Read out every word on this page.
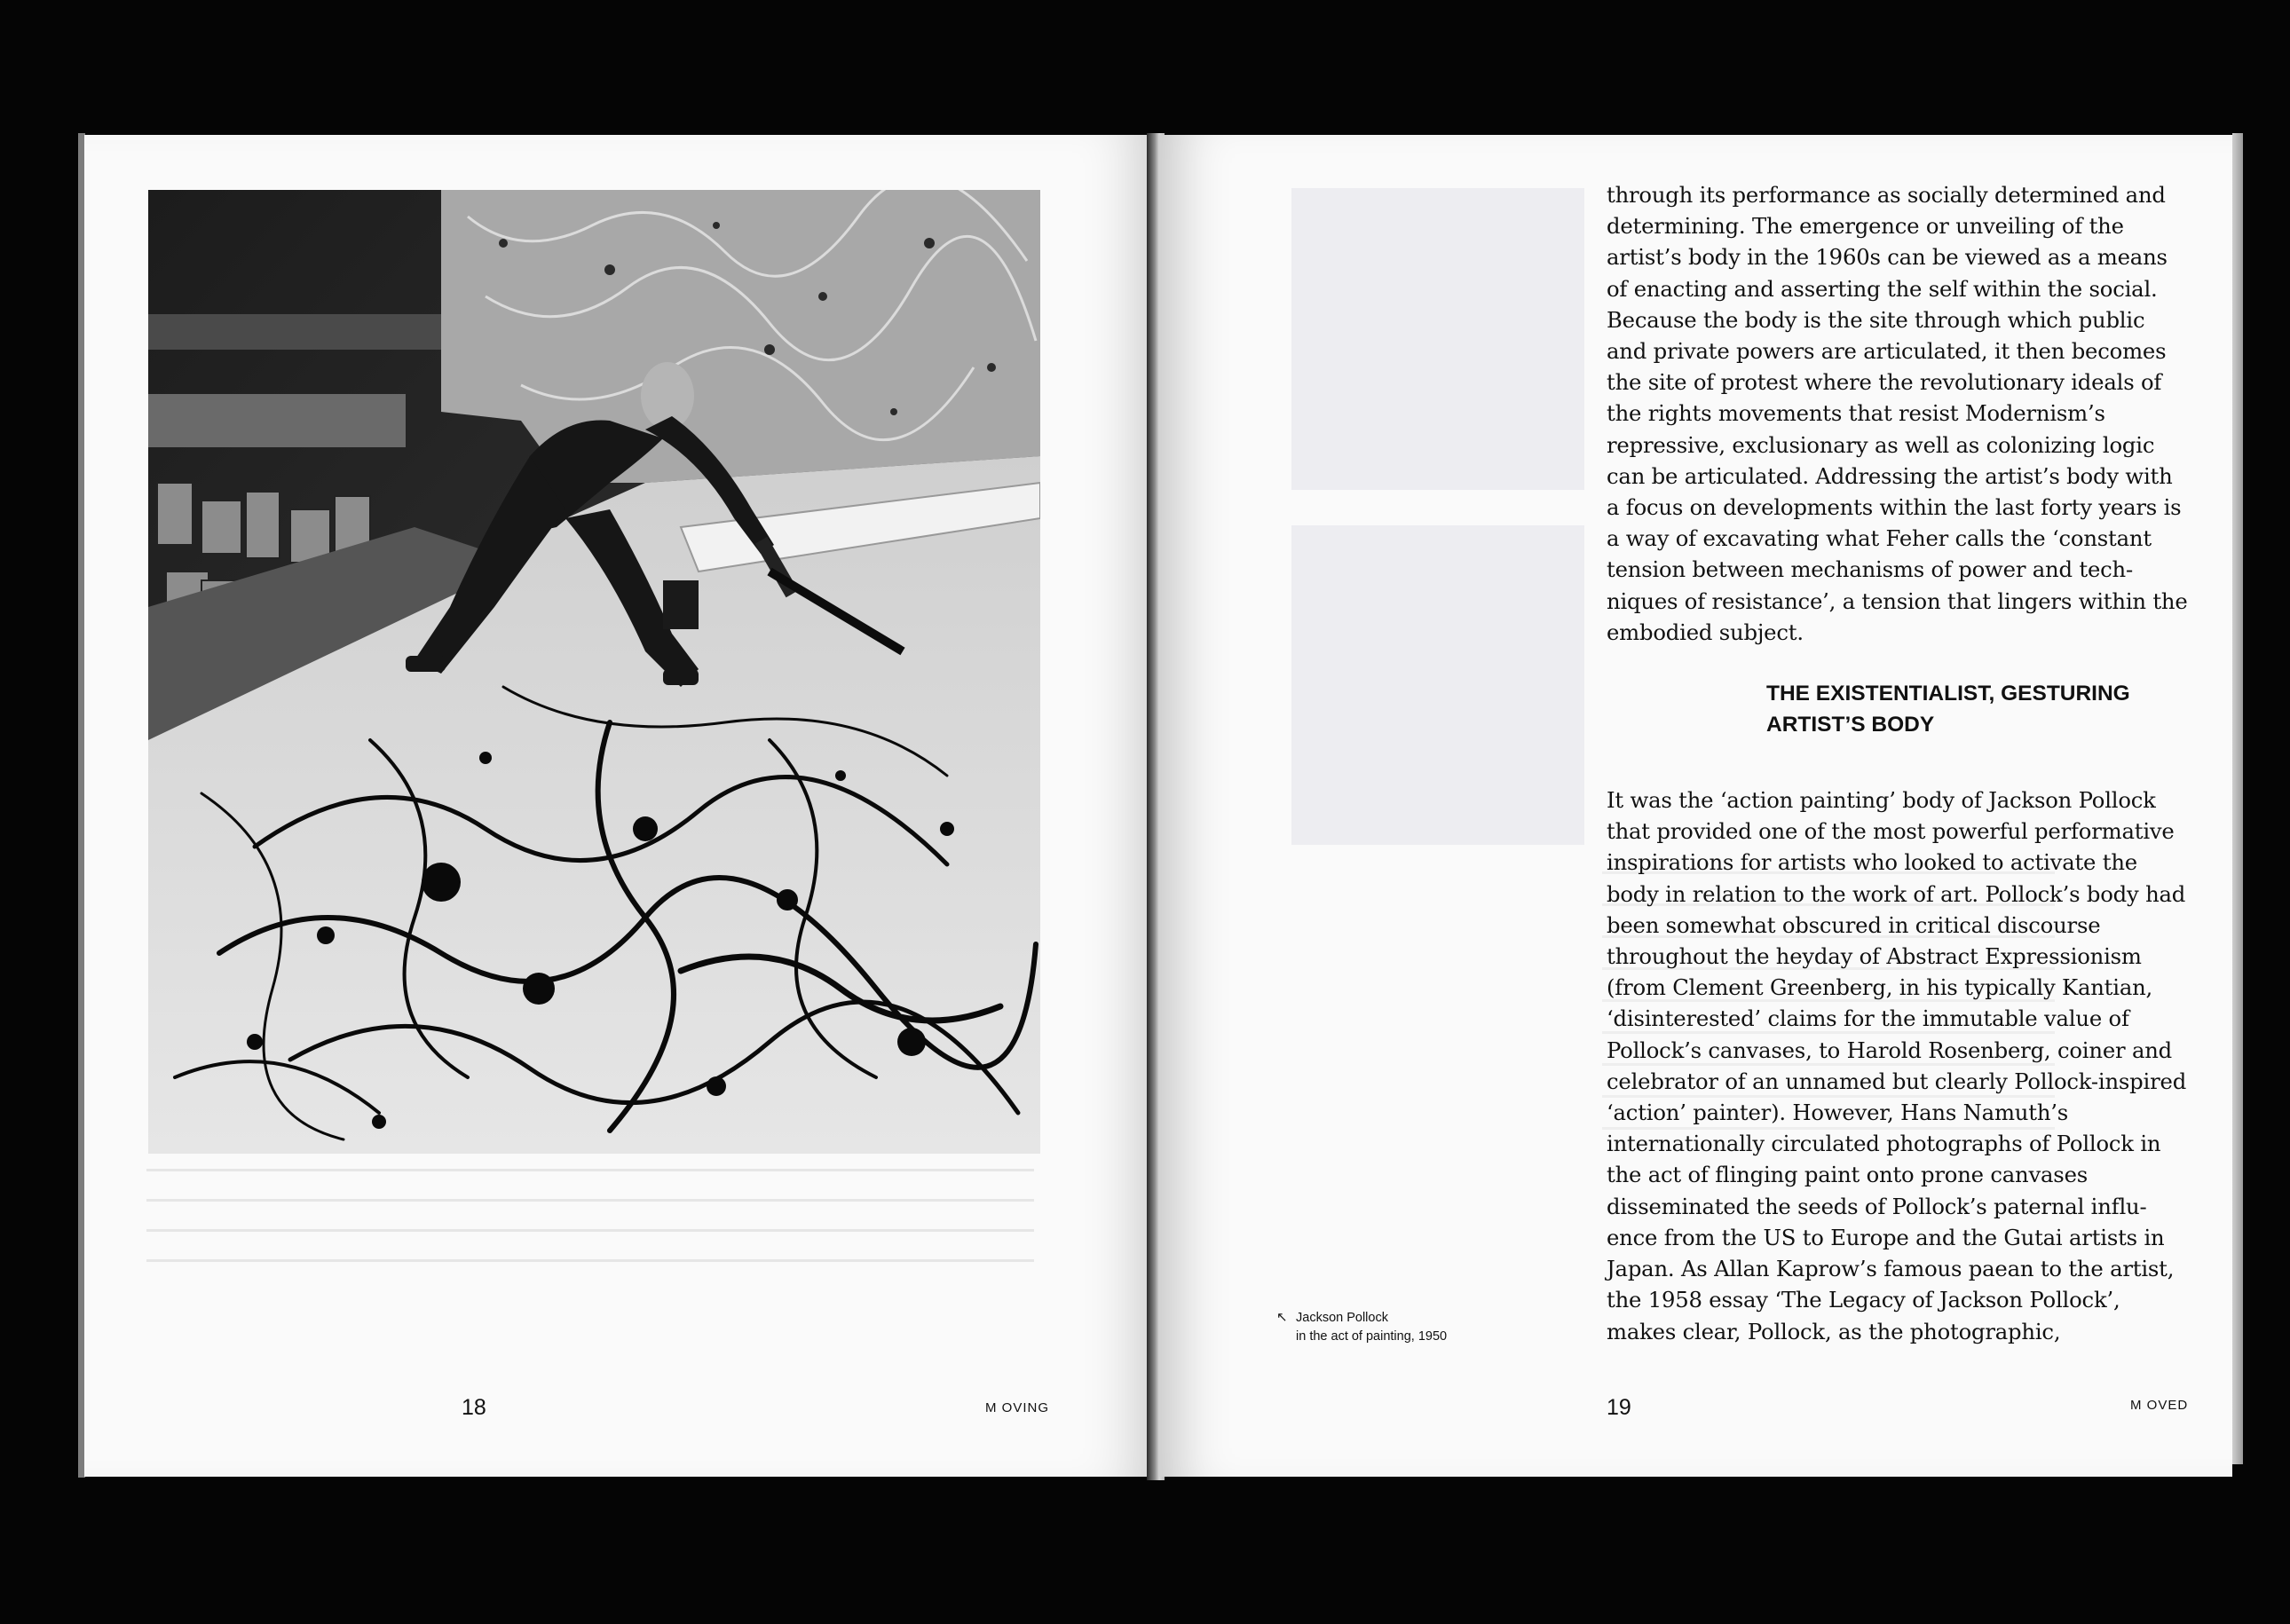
18	M OVING
↖ Jackson Pollock
in the act of painting, 1950

through its performance as socially determined and determining. The emergence or unveiling of the artist’s body in the 1960s can be viewed as a means of enacting and asserting the self within the social. Because the body is the site through which public and private powers are articulated, it then becomes the site of protest where the revolutionary ideals of the rights movements that resist Modernism’s repressive, exclusionary as well as colonizing logic can be articulated. Addressing the artist’s body with a focus on developments within the last forty years is a way of excavating what Feher calls the ‘constant tension between mechanisms of power and techniques of resistance’, a tension that lingers within the embodied subject.

THE EXISTENTIALIST, GESTURING
ARTIST’S BODY

It was the ‘action painting’ body of Jackson Pollock that provided one of the most powerful performative inspirations for artists who looked to activate the body in relation to the work of art. Pollock’s body had been somewhat obscured in critical discourse throughout the heyday of Abstract Expressionism (from Clement Greenberg, in his typically Kantian, ‘disinterested’ claims for the immutable value of Pollock’s canvases, to Harold Rosenberg, coiner and celebrator of an unnamed but clearly Pollock-inspired ‘action’ painter). However, Hans Namuth’s internationally circulated photographs of Pollock in the act of flinging paint onto prone canvases disseminated the seeds of Pollock’s paternal influence from the US to Europe and the Gutai artists in Japan. As Allan Kaprow’s famous paean to the artist, the 1958 essay ‘The Legacy of Jackson Pollock’, makes clear, Pollock, as the photographic,

19	M OVED
